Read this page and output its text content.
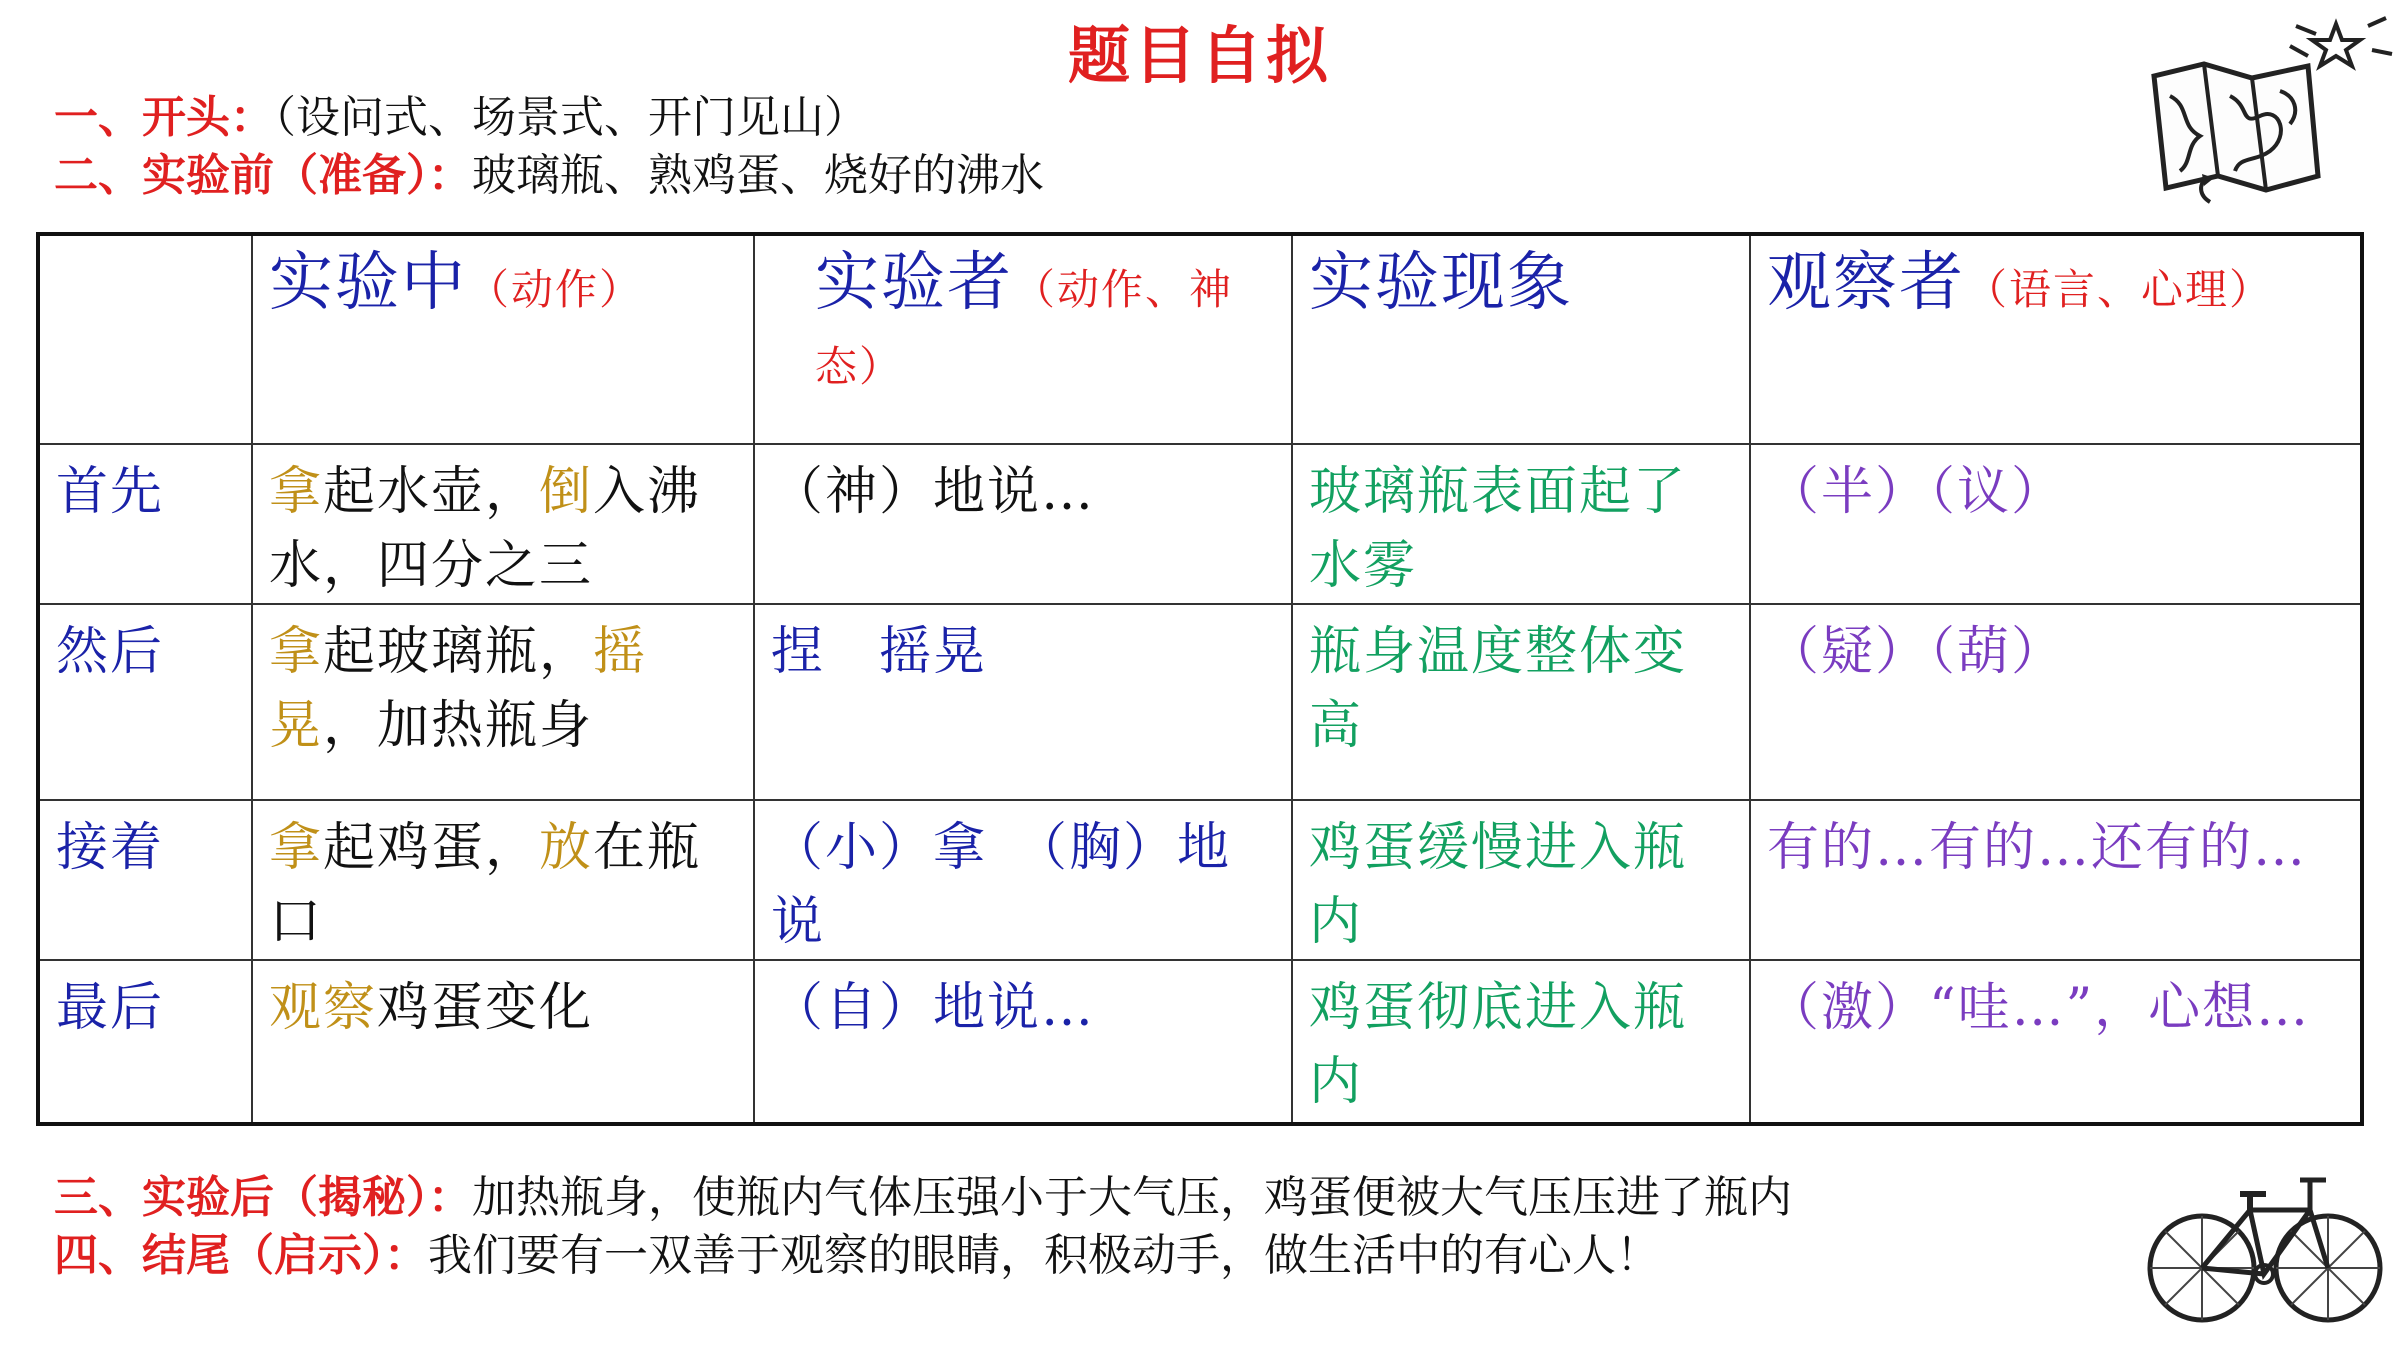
题目自拟
一、开头：（设问式、场景式、开门见山）
二、实验前（准备）：玻璃瓶、熟鸡蛋、烧好的沸水
	实验中（动作）	实验者（动作、神态）	实验现象	观察者（语言、心理）
首先	拿起水壶，倒入沸水，四分之三	（神）地说…	玻璃瓶表面起了水雾	（半）（议）
然后	拿起玻璃瓶，摇晃，加热瓶身	捏　摇晃	瓶身温度整体变高	（疑）（葫）
接着	拿起鸡蛋，放在瓶口	（小）拿　（胸）地说	鸡蛋缓慢进入瓶内	有的…有的…还有的…
最后	观察鸡蛋变化	（自）地说…	鸡蛋彻底进入瓶内	（激）“哇…”，心想…
三、实验后（揭秘）：加热瓶身，使瓶内气体压强小于大气压，鸡蛋便被大气压压进了瓶内
四、结尾（启示）：我们要有一双善于观察的眼睛，积极动手，做生活中的有心人！
